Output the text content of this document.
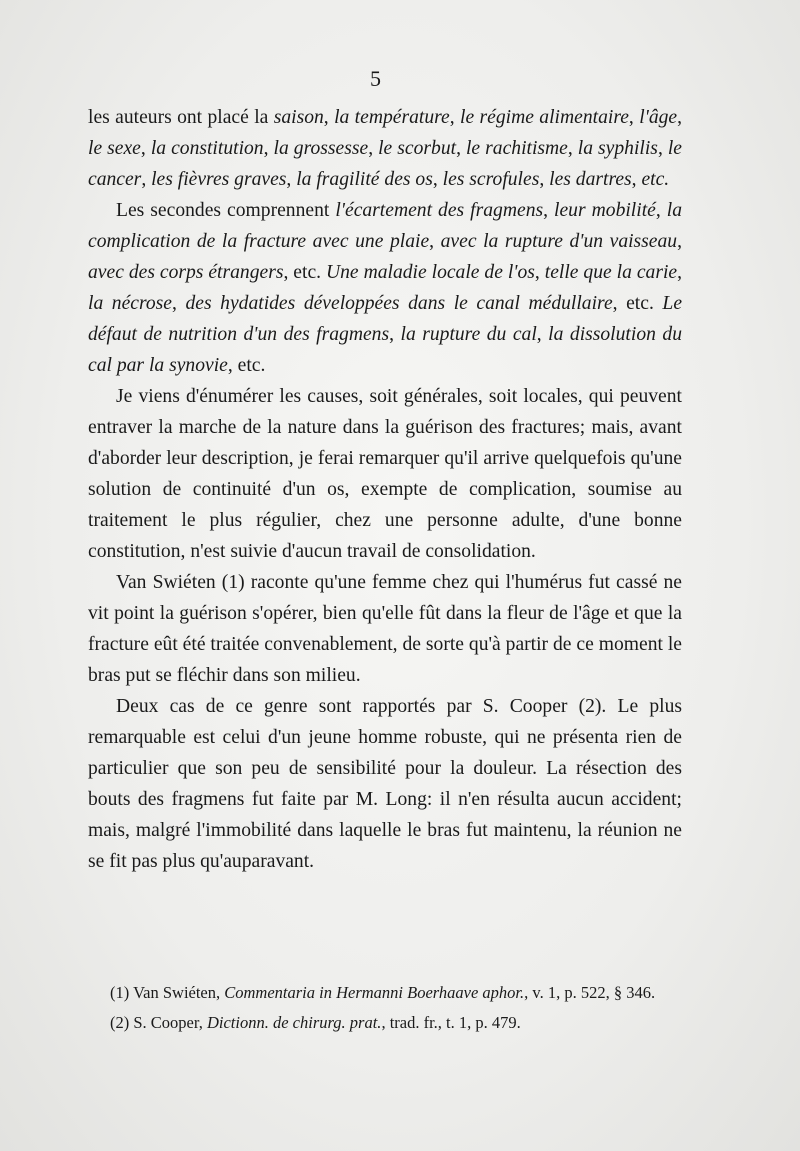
5

les auteurs ont placé la saison, la température, le régime alimentaire, l'âge, le sexe, la constitution, la grossesse, le scorbut, le rachitisme, la syphilis, le cancer, les fièvres graves, la fragilité des os, les scrofules, les dartres, etc.

Les secondes comprennent l'écartement des fragmens, leur mobilité, la complication de la fracture avec une plaie, avec la rupture d'un vaisseau, avec des corps étrangers, etc. Une maladie locale de l'os, telle que la carie, la nécrose, des hydatides développées dans le canal médullaire, etc. Le défaut de nutrition d'un des fragmens, la rupture du cal, la dissolution du cal par la synovie, etc.

Je viens d'énumérer les causes, soit générales, soit locales, qui peuvent entraver la marche de la nature dans la guérison des fractures; mais, avant d'aborder leur description, je ferai remarquer qu'il arrive quelquefois qu'une solution de continuité d'un os, exempte de complication, soumise au traitement le plus régulier, chez une personne adulte, d'une bonne constitution, n'est suivie d'aucun travail de consolidation.

Van Swiéten (1) raconte qu'une femme chez qui l'humérus fut cassé ne vit point la guérison s'opérer, bien qu'elle fût dans la fleur de l'âge et que la fracture eût été traitée convenablement, de sorte qu'à partir de ce moment le bras put se fléchir dans son milieu.

Deux cas de ce genre sont rapportés par S. Cooper (2). Le plus remarquable est celui d'un jeune homme robuste, qui ne présenta rien de particulier que son peu de sensibilité pour la douleur. La résection des bouts des fragmens fut faite par M. Long: il n'en résulta aucun accident; mais, malgré l'immobilité dans laquelle le bras fut maintenu, la réunion ne se fit pas plus qu'auparavant.

(1) Van Swiéten, Commentaria in Hermanni Boerhaave aphor., v. 1, p. 522, § 346.

(2) S. Cooper, Dictionn. de chirurg. prat., trad. fr., t. 1, p. 479.
